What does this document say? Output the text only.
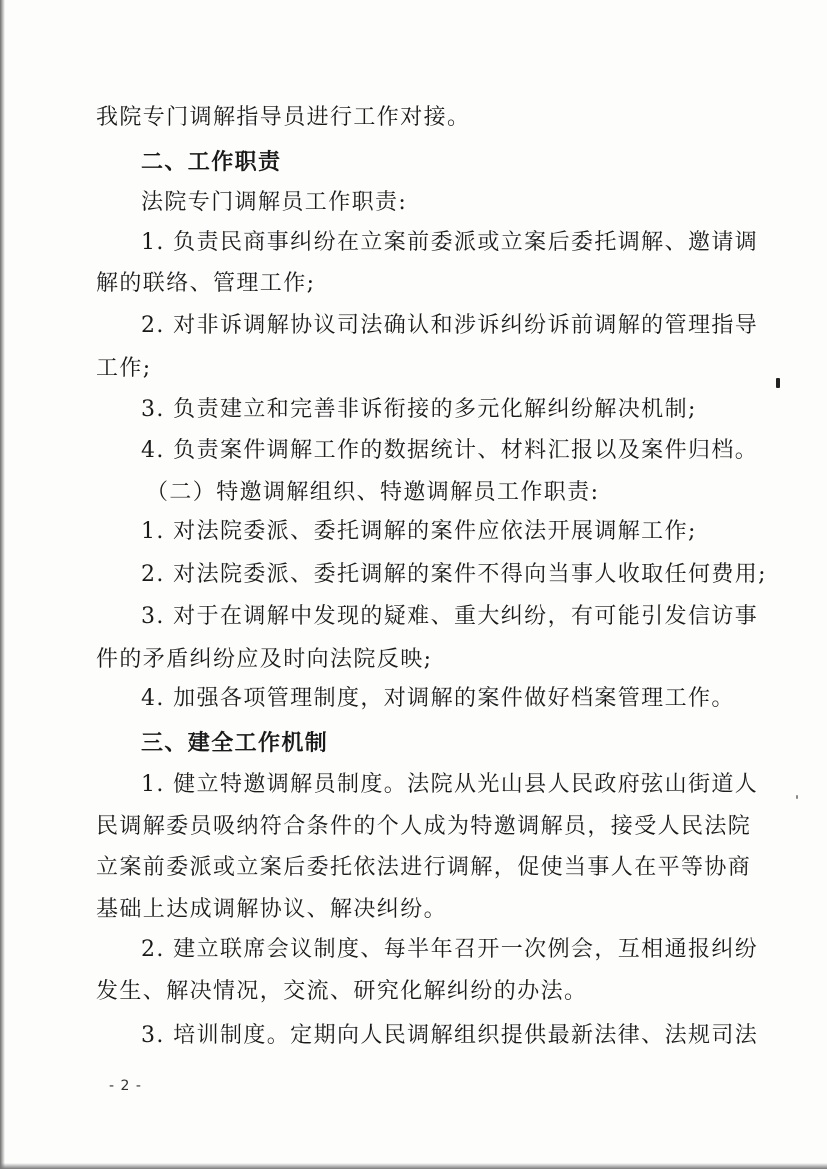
我院专门调解指导员进行工作对接。
二、工作职责
法院专门调解员工作职责:
1. 负责民商事纠纷在立案前委派或立案后委托调解、邀请调
解的联络、管理工作;
2. 对非诉调解协议司法确认和涉诉纠纷诉前调解的管理指导
工作;
3. 负责建立和完善非诉衔接的多元化解纠纷解决机制;
4. 负责案件调解工作的数据统计、材料汇报以及案件归档。
（二）特邀调解组织、特邀调解员工作职责:
1. 对法院委派、委托调解的案件应依法开展调解工作;
2. 对法院委派、委托调解的案件不得向当事人收取任何费用;
3. 对于在调解中发现的疑难、重大纠纷，有可能引发信访事
件的矛盾纠纷应及时向法院反映;
4. 加强各项管理制度，对调解的案件做好档案管理工作。
三、建全工作机制
1. 健立特邀调解员制度。法院从光山县人民政府弦山街道人
民调解委员吸纳符合条件的个人成为特邀调解员，接受人民法院
立案前委派或立案后委托依法进行调解，促使当事人在平等协商
基础上达成调解协议、解决纠纷。
2. 建立联席会议制度、每半年召开一次例会，互相通报纠纷
发生、解决情况，交流、研究化解纠纷的办法。
3. 培训制度。定期向人民调解组织提供最新法律、法规司法
- 2 -
